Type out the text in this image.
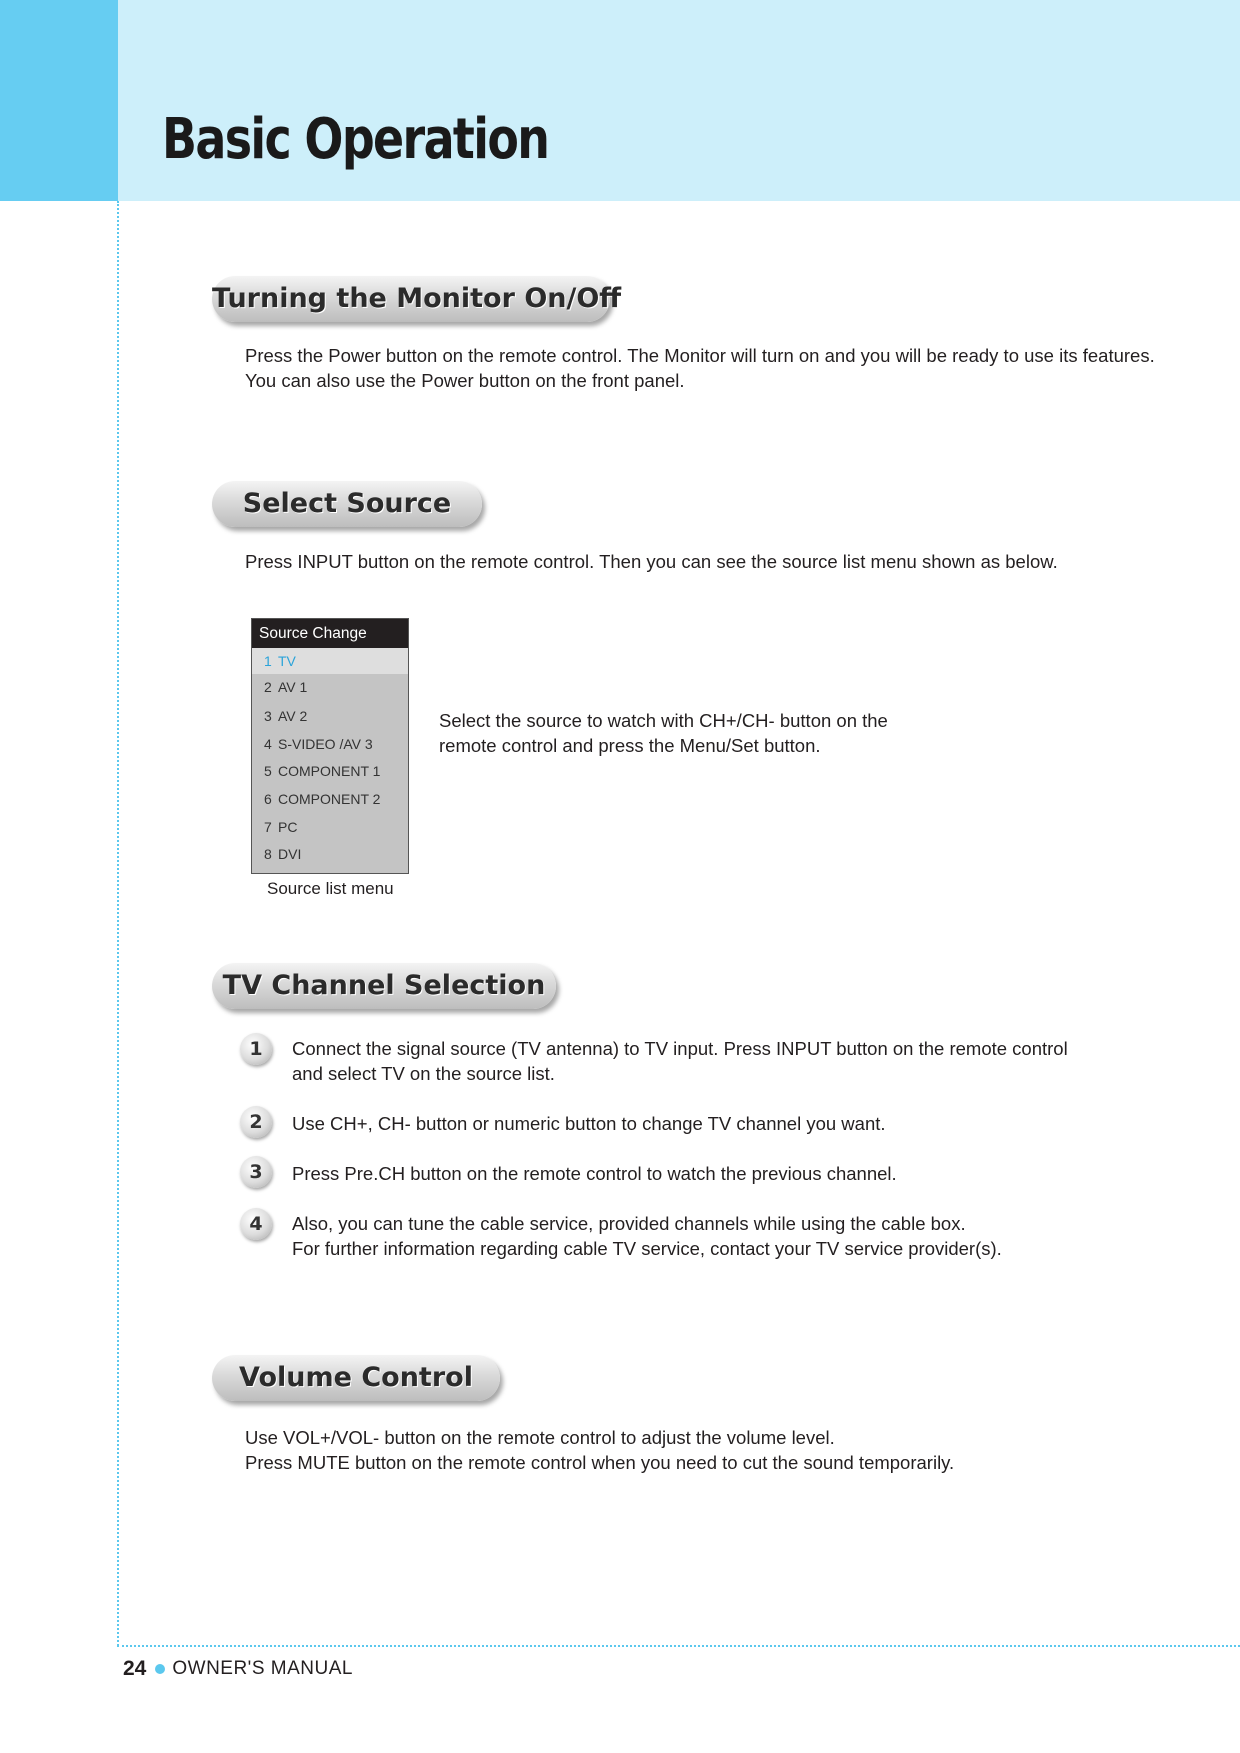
Basic Operation
Turning the Monitor On/Off
Press the Power button on the remote control. The Monitor will turn on and you will be ready to use its features.
You can also use the Power button on the front panel.
Select Source
Press INPUT button on the remote control. Then you can see the source list menu shown as below.
Source Change
1 TV
2 AV 1
3 AV 2
4 S-VIDEO /AV 3
5 COMPONENT 1
6 COMPONENT 2
7 PC
8 DVI
Source list menu
Select the source to watch with CH+/CH- button on the
remote control and press the Menu/Set button.
TV Channel Selection
1	Connect the signal source (TV antenna) to TV input. Press INPUT button on the remote control
and select TV on the source list.
2	Use CH+, CH- button or numeric button to change TV channel you want.
3	Press Pre.CH button on the remote control to watch the previous channel.
4	Also, you can tune the cable service, provided channels while using the cable box.
For further information regarding cable TV service, contact your TV service provider(s).
Volume Control
Use VOL+/VOL- button on the remote control to adjust the volume level.
Press MUTE button on the remote control when you need to cut the sound temporarily.
24 OWNER'S MANUAL
